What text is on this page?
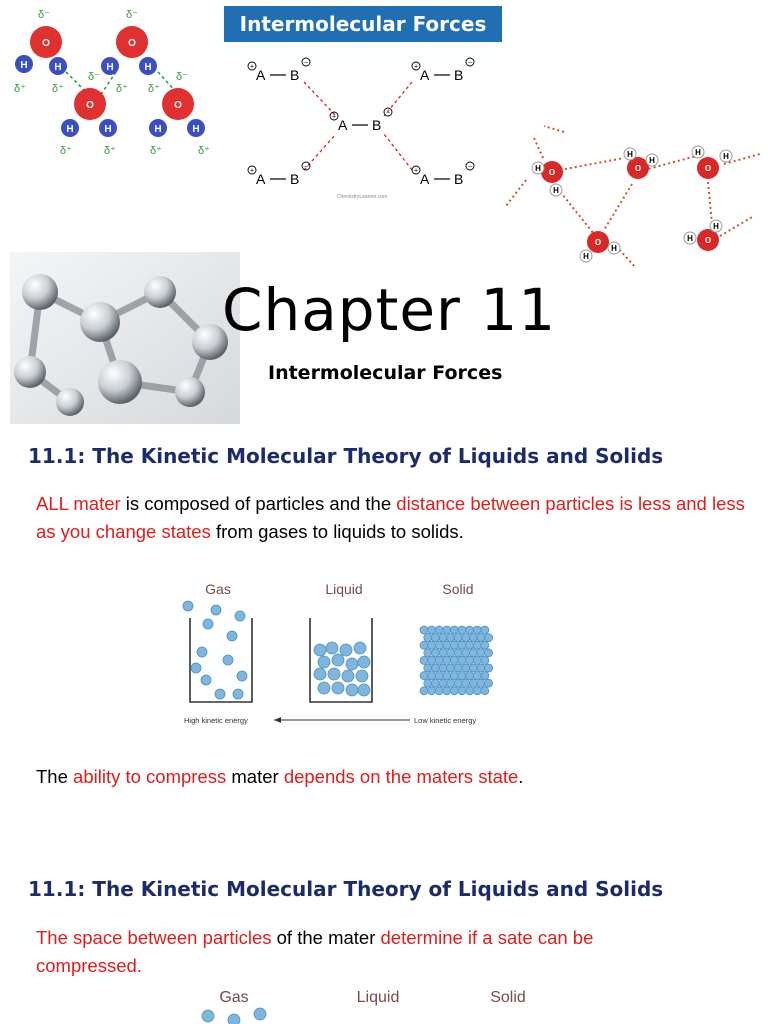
O	O
O	O
H	H	H	H
H	H	H	H
δ⁻	δ⁻
δ⁻	δ⁻
δ⁺ δ⁺	δ⁺ δ⁺
δ⁺	δ⁺	δ⁺	δ⁺
Intermolecular Forces
A B	A B
A B
A B	A B
+
−
+
−
+
−
+
−
+
−
ChemistryLearner.com
O	O	O
O	O
H
H
H
H
H	H
H
H
H
H
Chapter 11
Intermolecular Forces
11.1: The Kinetic Molecular Theory of Liquids and Solids
ALL mater is composed of particles and the distance between particles is less and less as you change states from gases to liquids to solids.
Gas	Liquid	Solid
High kinetic energy	Low kinetic energy
The ability to compress mater depends on the maters state.
11.1: The Kinetic Molecular Theory of Liquids and Solids
The space between particles of the mater determine if a sate can be compressed.
Gas	Liquid	Solid
